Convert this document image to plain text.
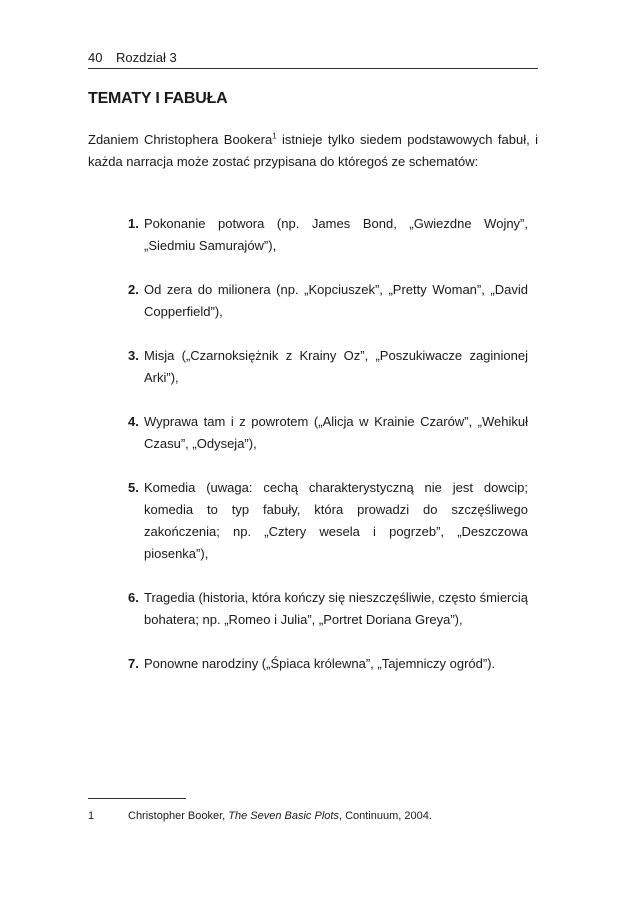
40 Rozdział 3
TEMATY I FABUŁA

Zdaniem Christophera Bookera$^1$ istnieje tylko siedem podstawowych fabuł, i każda narracja może zostać przypisana do któregoś ze schematów:

1. Pokonanie potwora (np. James Bond, „Gwiezdne Wojny”, „Siedmiu Samurajów”),
2. Od zera do milionera (np. „Kopciuszek”, „Pretty Woman”, „David Copperfield”),
3. Misja („Czarnoksiężnik z Krainy Oz”, „Poszukiwacze zaginionej Arki”),
4. Wyprawa tam i z powrotem („Alicja w Krainie Czarów”, „Wehikuł Czasu”, „Odyseja”),
5. Komedia (uwaga: cechą charakterystyczną nie jest dowcip; komedia to typ fabuły, która prowadzi do szczęśliwego zakończenia; np. „Cztery wesela i pogrzeb”, „Deszczowa piosenka”),
6. Tragedia (historia, która kończy się nieszczęśliwie, często śmiercią bohatera; np. „Romeo i Julia”, „Portret Doriana Greya”),
7. Ponowne narodziny („Śpiaca królewna”, „Tajemniczy ogród”).
1	Christopher Booker, The Seven Basic Plots, Continuum, 2004.
